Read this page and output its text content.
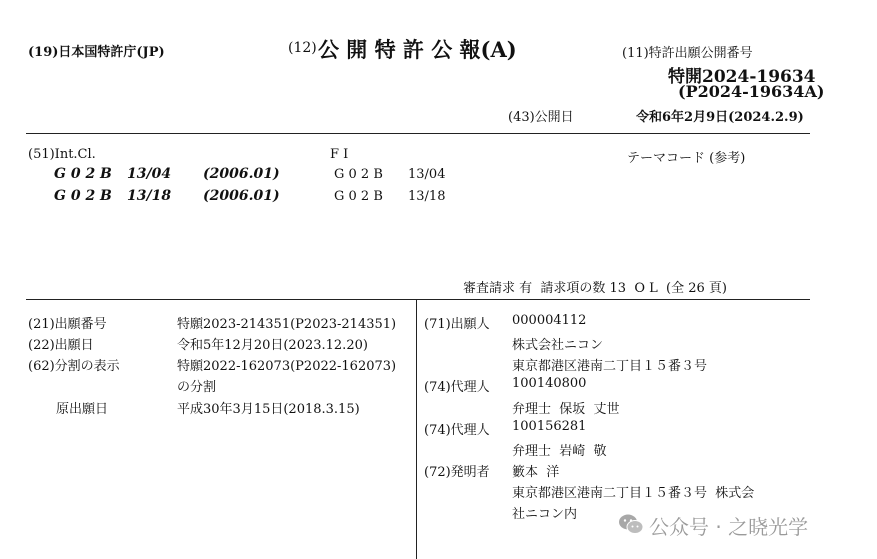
(19)日本国特許庁(JP)	(12) 公 開 特 許 公 報(A)	(11)特許出願公開番号
特開2024-19634
(P2024-19634A)
(43)公開日	令和6年2月9日(2024.2.9)
(51)Int.Cl.	F I	テーマコード (参考)
G 0 2 B 13/04 (2006.01)	G 0 2 B 13/04
G 0 2 B 13/18 (2006.01)	G 0 2 B 13/18
審査請求 有  請求項の数 13  O L  (全 26 頁)
(21)出願番号	特願2023-214351(P2023-214351)
(22)出願日	令和5年12月20日(2023.12.20)
(62)分割の表示	特願2022-162073(P2022-162073)
の分割
原出願日	平成30年3月15日(2018.3.15)
(71)出願人 000004112
株式会社ニコン
東京都港区港南二丁目１５番３号
(74)代理人 100140800
弁理士  保坂  丈世
(74)代理人 100156281
弁理士  岩崎  敬
(72)発明者 籔本  洋
東京都港区港南二丁目１５番３号  株式会
社ニコン内
公众号 · 之晓光学
